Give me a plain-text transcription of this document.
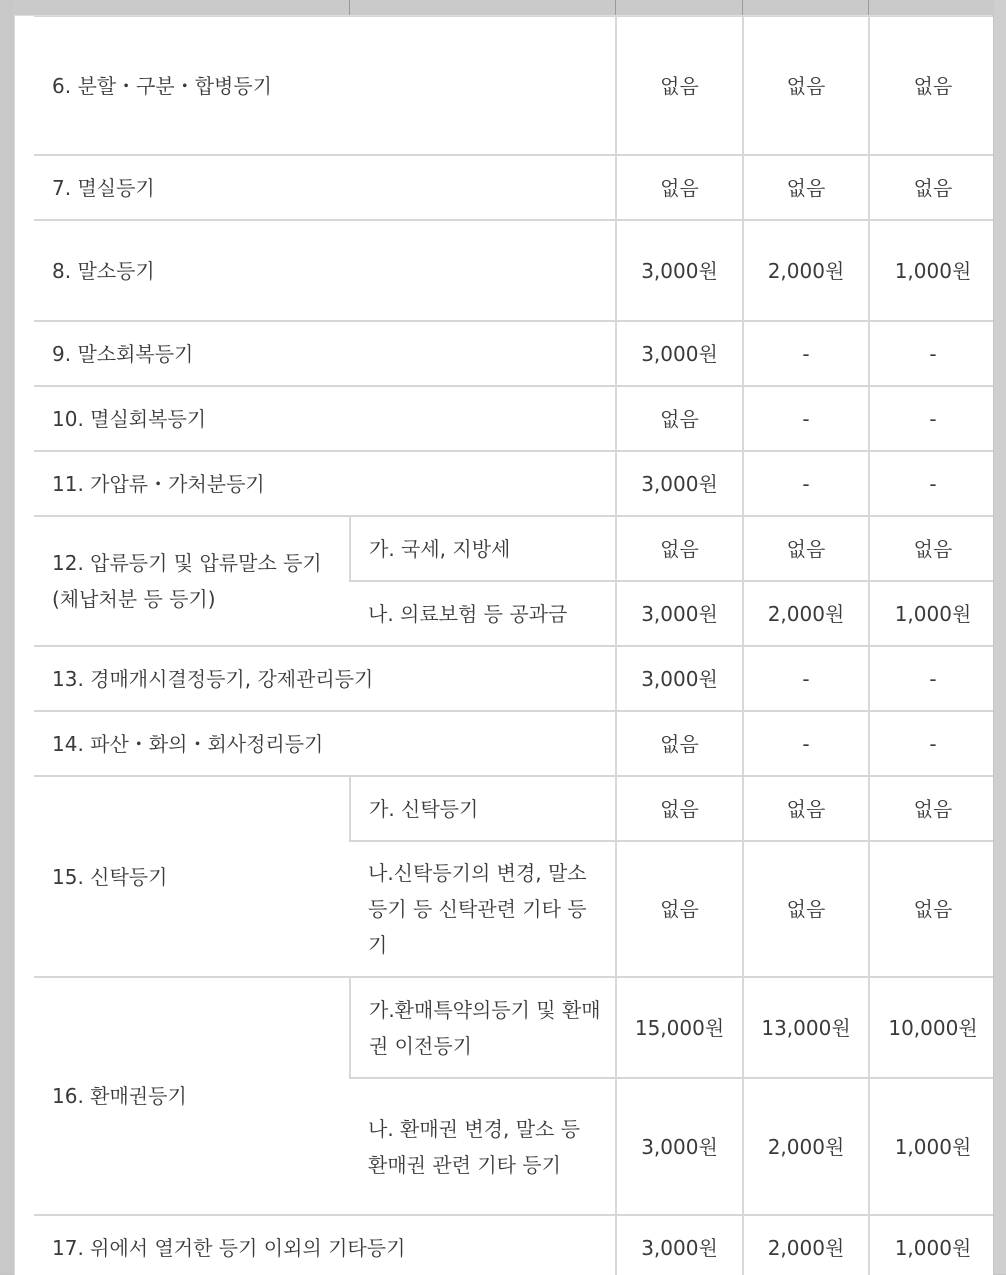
6. 분할・구분・합병등기		없음	없음	없음
7. 멸실등기		없음	없음	없음
8. 말소등기		3,000원	2,000원	1,000원
9. 말소회복등기		3,000원	-	-
10. 멸실회복등기		없음	-	-
11. 가압류・가처분등기		3,000원	-	-
12. 압류등기 및 압류말소 등기 (체납처분 등 등기)	가. 국세, 지방세	없음	없음	없음
	나. 의료보험 등 공과금	3,000원	2,000원	1,000원
13. 경매개시결정등기, 강제관리등기		3,000원	-	-
14. 파산・화의・회사정리등기		없음	-	-
15. 신탁등기	가. 신탁등기	없음	없음	없음
	나.신탁등기의 변경, 말소등기 등 신탁관련 기타 등기	없음	없음	없음
16. 환매권등기	가.환매특약의등기 및 환매권 이전등기	15,000원	13,000원	10,000원
	나. 환매권 변경, 말소 등 환매권 관련 기타 등기	3,000원	2,000원	1,000원
17. 위에서 열거한 등기 이외의 기타등기		3,000원	2,000원	1,000원
